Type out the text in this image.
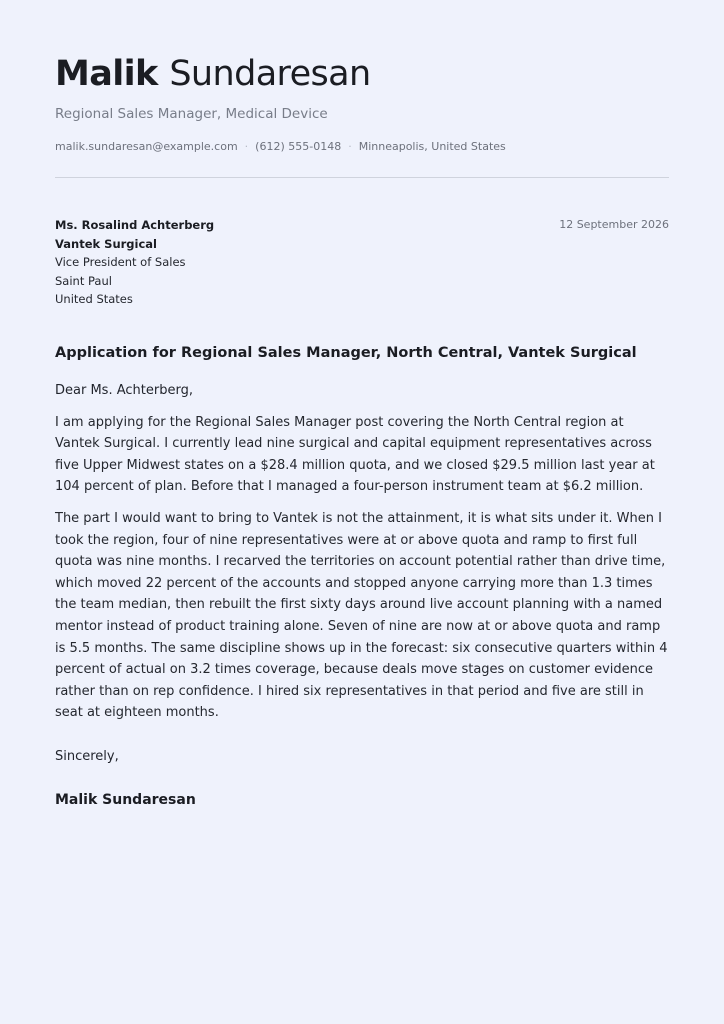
Malik Sundaresan
Regional Sales Manager, Medical Device
malik.sundaresan@example.com · (612) 555-0148 · Minneapolis, United States
Ms. Rosalind Achterberg
Vantek Surgical
Vice President of Sales
Saint Paul
United States
12 September 2026
Application for Regional Sales Manager, North Central, Vantek Surgical
Dear Ms. Achterberg,
I am applying for the Regional Sales Manager post covering the North Central region at Vantek Surgical. I currently lead nine surgical and capital equipment representatives across five Upper Midwest states on a $28.4 million quota, and we closed $29.5 million last year at 104 percent of plan. Before that I managed a four-person instrument team at $6.2 million.
The part I would want to bring to Vantek is not the attainment, it is what sits under it. When I took the region, four of nine representatives were at or above quota and ramp to first full quota was nine months. I recarved the territories on account potential rather than drive time, which moved 22 percent of the accounts and stopped anyone carrying more than 1.3 times the team median, then rebuilt the first sixty days around live account planning with a named mentor instead of product training alone. Seven of nine are now at or above quota and ramp is 5.5 months. The same discipline shows up in the forecast: six consecutive quarters within 4 percent of actual on 3.2 times coverage, because deals move stages on customer evidence rather than on rep confidence. I hired six representatives in that period and five are still in seat at eighteen months.
Sincerely,
Malik Sundaresan
